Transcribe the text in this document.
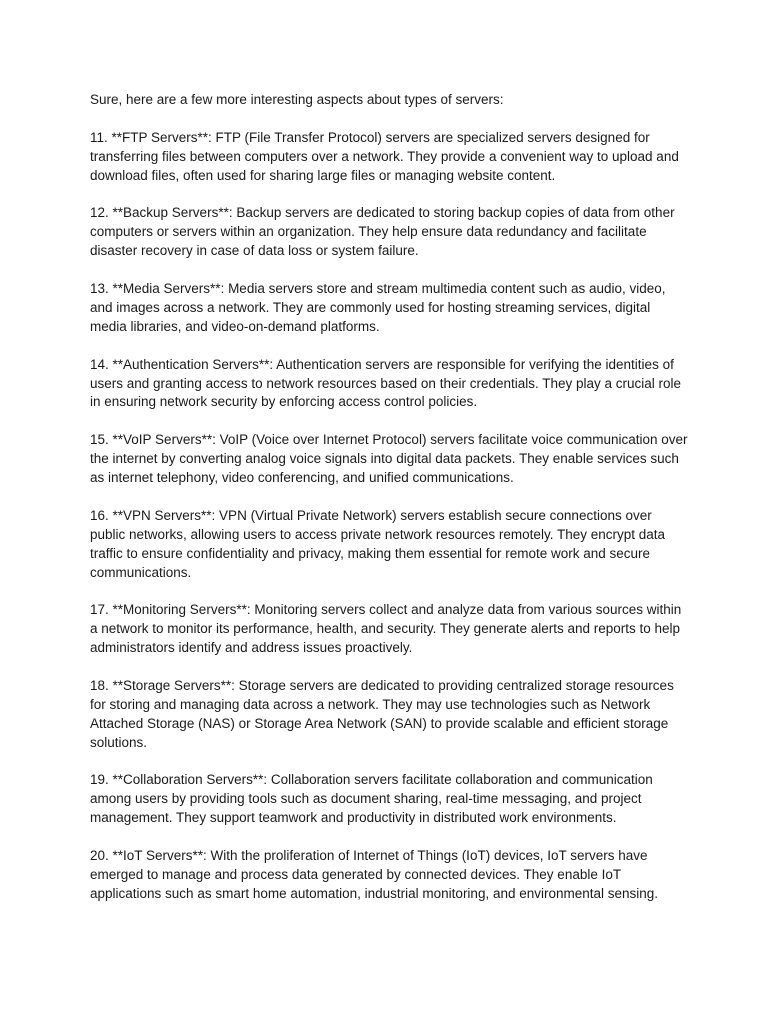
Sure, here are a few more interesting aspects about types of servers:

11. **FTP Servers**: FTP (File Transfer Protocol) servers are specialized servers designed for transferring files between computers over a network. They provide a convenient way to upload and download files, often used for sharing large files or managing website content.

12. **Backup Servers**: Backup servers are dedicated to storing backup copies of data from other computers or servers within an organization. They help ensure data redundancy and facilitate disaster recovery in case of data loss or system failure.

13. **Media Servers**: Media servers store and stream multimedia content such as audio, video, and images across a network. They are commonly used for hosting streaming services, digital media libraries, and video-on-demand platforms.

14. **Authentication Servers**: Authentication servers are responsible for verifying the identities of users and granting access to network resources based on their credentials. They play a crucial role in ensuring network security by enforcing access control policies.

15. **VoIP Servers**: VoIP (Voice over Internet Protocol) servers facilitate voice communication over the internet by converting analog voice signals into digital data packets. They enable services such as internet telephony, video conferencing, and unified communications.

16. **VPN Servers**: VPN (Virtual Private Network) servers establish secure connections over public networks, allowing users to access private network resources remotely. They encrypt data traffic to ensure confidentiality and privacy, making them essential for remote work and secure communications.

17. **Monitoring Servers**: Monitoring servers collect and analyze data from various sources within a network to monitor its performance, health, and security. They generate alerts and reports to help administrators identify and address issues proactively.

18. **Storage Servers**: Storage servers are dedicated to providing centralized storage resources for storing and managing data across a network. They may use technologies such as Network Attached Storage (NAS) or Storage Area Network (SAN) to provide scalable and efficient storage solutions.

19. **Collaboration Servers**: Collaboration servers facilitate collaboration and communication among users by providing tools such as document sharing, real-time messaging, and project management. They support teamwork and productivity in distributed work environments.

20. **IoT Servers**: With the proliferation of Internet of Things (IoT) devices, IoT servers have emerged to manage and process data generated by connected devices. They enable IoT applications such as smart home automation, industrial monitoring, and environmental sensing.
